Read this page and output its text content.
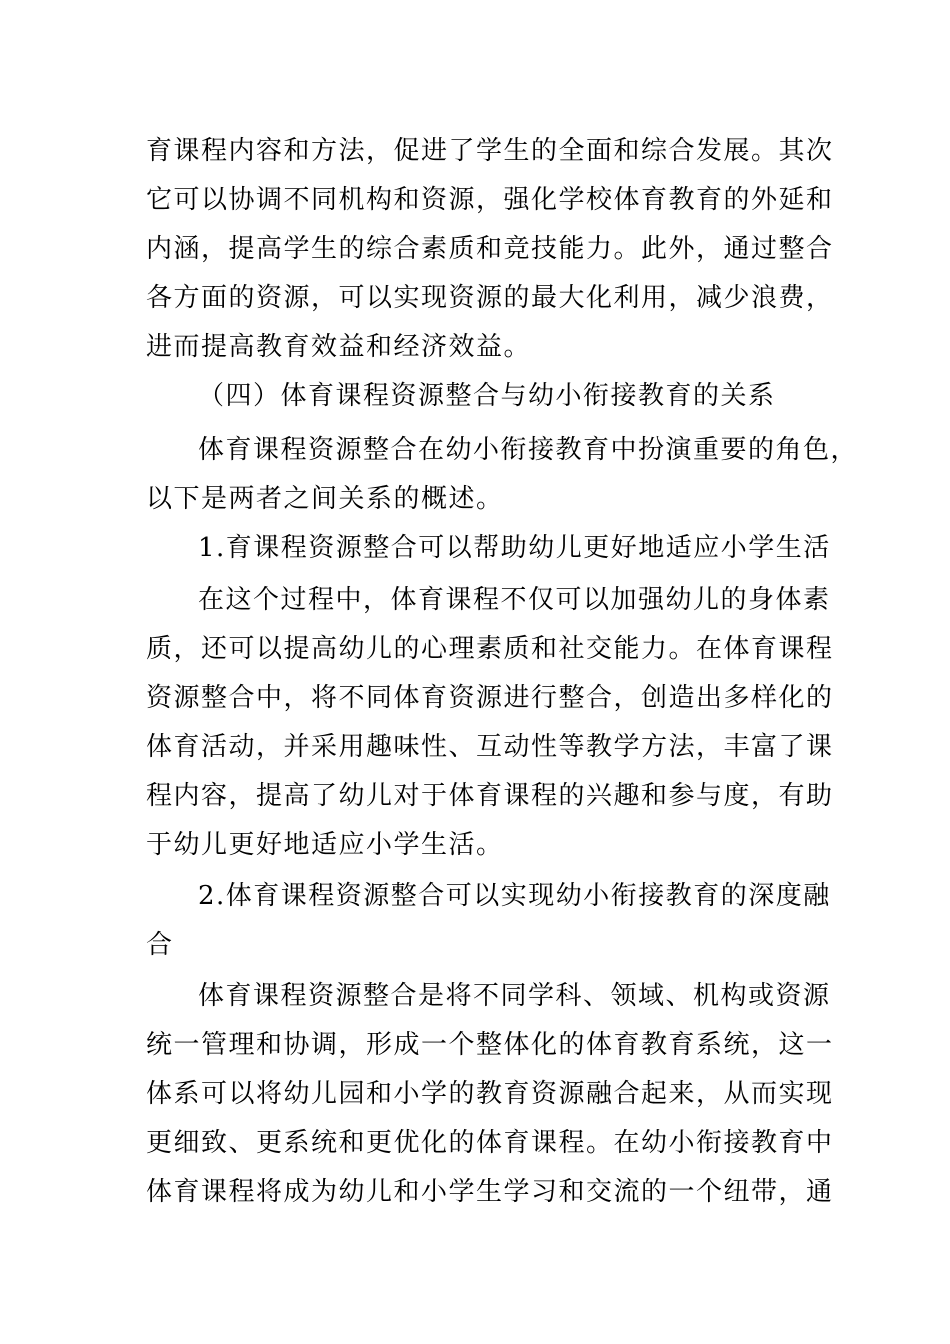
育课程内容和方法，促进了学生的全面和综合发展。其次
它可以协调不同机构和资源，强化学校体育教育的外延和
内涵，提高学生的综合素质和竞技能力。此外，通过整合
各方面的资源，可以实现资源的最大化利用，减少浪费，
进而提高教育效益和经济效益。
（四）体育课程资源整合与幼小衔接教育的关系
体育课程资源整合在幼小衔接教育中扮演重要的角色，
以下是两者之间关系的概述。
1.育课程资源整合可以帮助幼儿更好地适应小学生活
在这个过程中，体育课程不仅可以加强幼儿的身体素
质，还可以提高幼儿的心理素质和社交能力。在体育课程
资源整合中，将不同体育资源进行整合，创造出多样化的
体育活动，并采用趣味性、互动性等教学方法，丰富了课
程内容，提高了幼儿对于体育课程的兴趣和参与度，有助
于幼儿更好地适应小学生活。
2.体育课程资源整合可以实现幼小衔接教育的深度融
合
体育课程资源整合是将不同学科、领域、机构或资源
统一管理和协调，形成一个整体化的体育教育系统，这一
体系可以将幼儿园和小学的教育资源融合起来，从而实现
更细致、更系统和更优化的体育课程。在幼小衔接教育中
体育课程将成为幼儿和小学生学习和交流的一个纽带，通
